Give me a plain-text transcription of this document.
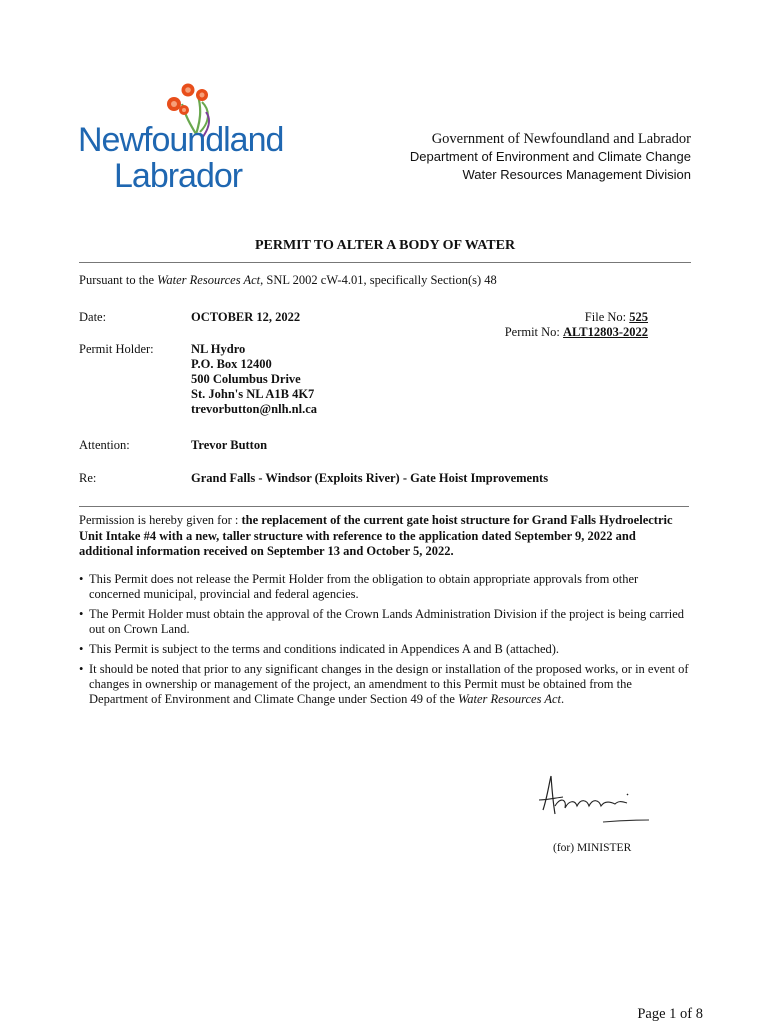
Newfoundland
Labrador
Government of Newfoundland and Labrador
Department of Environment and Climate Change
Water Resources Management Division
PERMIT TO ALTER A BODY OF WATER
Pursuant to the Water Resources Act, SNL 2002 cW-4.01, specifically Section(s) 48
Date:	OCTOBER 12, 2022	File No: 525
Permit No: ALT12803-2022
Permit Holder:	NL Hydro
P.O. Box 12400
500 Columbus Drive
St. John's NL A1B 4K7
trevorbutton@nlh.nl.ca
Attention:	Trevor Button
Re:	Grand Falls - Windsor (Exploits River) - Gate Hoist Improvements
Permission is hereby given for : the replacement of the current gate hoist structure for Grand Falls Hydroelectric Unit Intake #4 with a new, taller structure with reference to the application dated September 9, 2022 and additional information received on September 13 and October 5, 2022.
• This Permit does not release the Permit Holder from the obligation to obtain appropriate approvals from other concerned municipal, provincial and federal agencies.
• The Permit Holder must obtain the approval of the Crown Lands Administration Division if the project is being carried out on Crown Land.
• This Permit is subject to the terms and conditions indicated in Appendices A and B (attached).
• It should be noted that prior to any significant changes in the design or installation of the proposed works, or in event of changes in ownership or management of the project, an amendment to this Permit must be obtained from the Department of Environment and Climate Change under Section 49 of the Water Resources Act.
(for) MINISTER
Page 1 of 8
